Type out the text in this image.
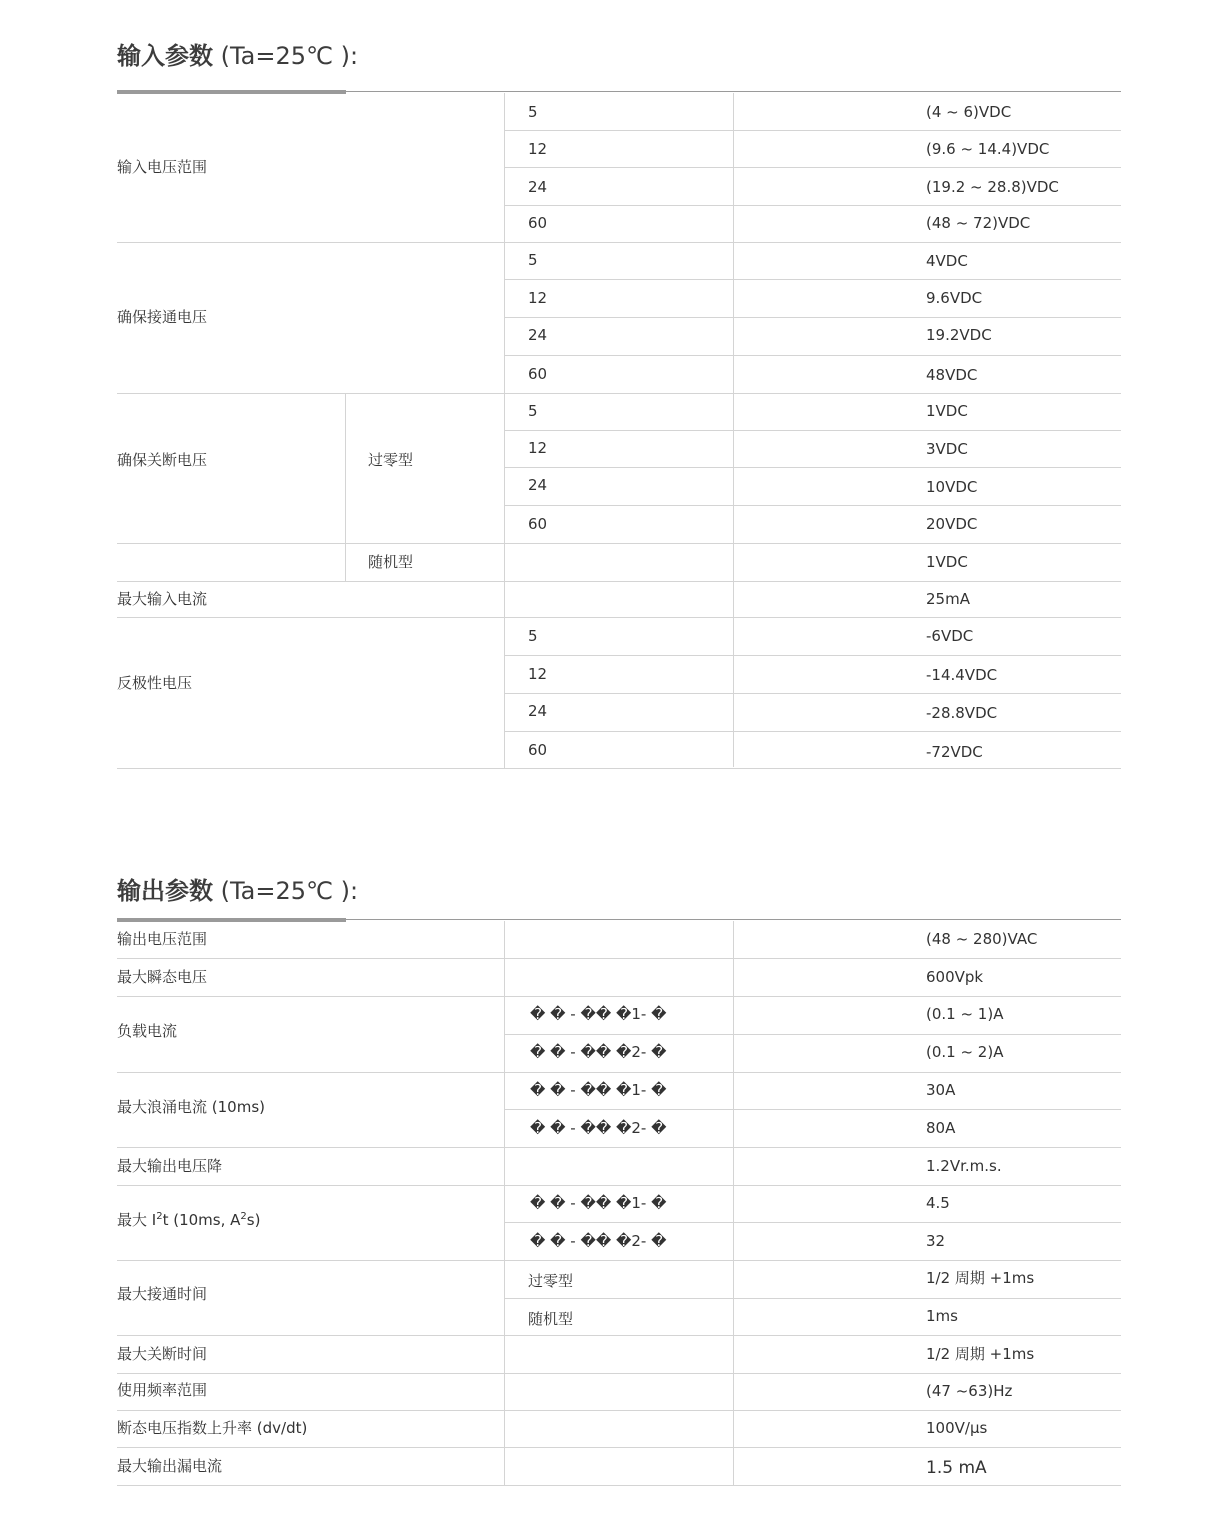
输入参数 (Ta=25℃ ):
输入电压范围
确保接通电压
确保关断电压	过零型
随机型
最大输入电流
反极性电压
5
12
24
60
5
12
24
60
5
12
24
60
5
12
24
60
(4 ~ 6)VDC
(9.6 ~ 14.4)VDC
(19.2 ~ 28.8)VDC
(48 ~ 72)VDC
4VDC
9.6VDC
19.2VDC
48VDC
1VDC
3VDC
10VDC
20VDC
1VDC
25mA
-6VDC
-14.4VDC
-28.8VDC
-72VDC
输出参数 (Ta=25℃ ):
输出电压范围
最大瞬态电压
负载电流
最大浪涌电流 (10ms)
最大输出电压降
最大 $I^2t$ (10ms, $A^2s$)
最大接通时间
最大关断时间
使用频率范围
断态电压指数上升率 (dv/dt)
最大输出漏电流
� � - �� �1- �
� � - �� �2- �
� � - �� �1- �
� � - �� �2- �
� � - �� �1- �
� � - �� �2- �
过零型
随机型
(48 ~ 280)VAC
600Vpk
(0.1 ~ 1)A
(0.1 ~ 2)A
30A
80A
1.2Vr.m.s.
4.5
32
1/2 周期 +1ms
1ms
1/2 周期 +1ms
(47 ~63)Hz
100V/μs
1.5 mA
